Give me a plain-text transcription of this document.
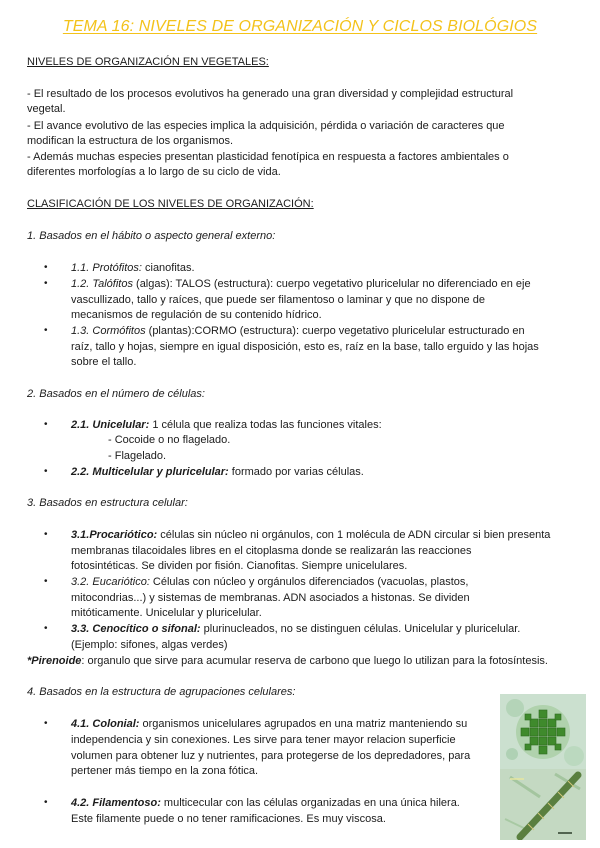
TEMA 16: NIVELES DE ORGANIZACIÓN Y CICLOS BIOLÓGIOS
NIVELES DE ORGANIZACIÓN EN VEGETALES:
- El resultado de los procesos evolutivos ha generado una gran diversidad y complejidad estructural
vegetal.
- El avance evolutivo de las especies implica la adquisición, pérdida o variación de caracteres que
modifican la estructura de los organismos.
- Además muchas especies presentan plasticidad fenotípica en respuesta a factores ambientales o
diferentes morfologías a lo largo de su ciclo de vida.
CLASIFICACIÓN DE LOS NIVELES DE ORGANIZACIÓN:
1. Basados en el hábito o aspecto general externo:
• 1.1. Protófitos: cianofitas.
• 1.2. Talófitos (algas): TALOS (estructura): cuerpo vegetativo pluricelular no diferenciado en eje
vascullizado, tallo y raíces, que puede ser filamentoso o laminar y que no dispone de
mecanismos de regulación de su contenido hídrico.
• 1.3. Cormófitos (plantas):CORMO (estructura): cuerpo vegetativo pluricelular estructurado en
raíz, tallo y hojas, siempre en igual disposición, esto es, raíz en la base, tallo erguido y las hojas
sobre el tallo.
2. Basados en el número de células:
• 2.1. Unicelular: 1 célula que realiza todas las funciones vitales:
- Cocoide o no flagelado.
- Flagelado.
• 2.2. Multicelular y pluricelular: formado por varias células.
3. Basados en estructura celular:
• 3.1.Procariótico: células sin núcleo ni orgánulos, con 1 molécula de ADN circular si bien presenta
membranas tilacoidales libres en el citoplasma donde se realizarán las reacciones
fotosintéticas. Se dividen por fisión. Cianofitas. Siempre unicelulares.
• 3.2. Eucariótico: Células con núcleo y orgánulos diferenciados (vacuolas, plastos,
mitocondrias...) y sistemas de membranas. ADN asociados a histonas. Se dividen
mitóticamente. Unicelular y pluricelular.
• 3.3. Cenocítico o sifonal: plurinucleados, no se distinguen células. Unicelular y pluricelular.
(Ejemplo: sifones, algas verdes)
*Pirenoide: organulo que sirve para acumular reserva de carbono que luego lo utilizan para la fotosíntesis.
4. Basados en la estructura de agrupaciones celulares:
• 4.1. Colonial: organismos unicelulares agrupados en una matriz manteniendo su
independencia y sin conexiones. Les sirve para tener mayor relacion superficie
volumen para obtener luz y nutrientes, para protegerse de los depredadores, para
pertener más tiempo en la zona fótica.
• 4.2. Filamentoso: multicecular con las células organizadas en una única hilera.
Este filamente puede o no tener ramificaciones. Es muy viscosa.
